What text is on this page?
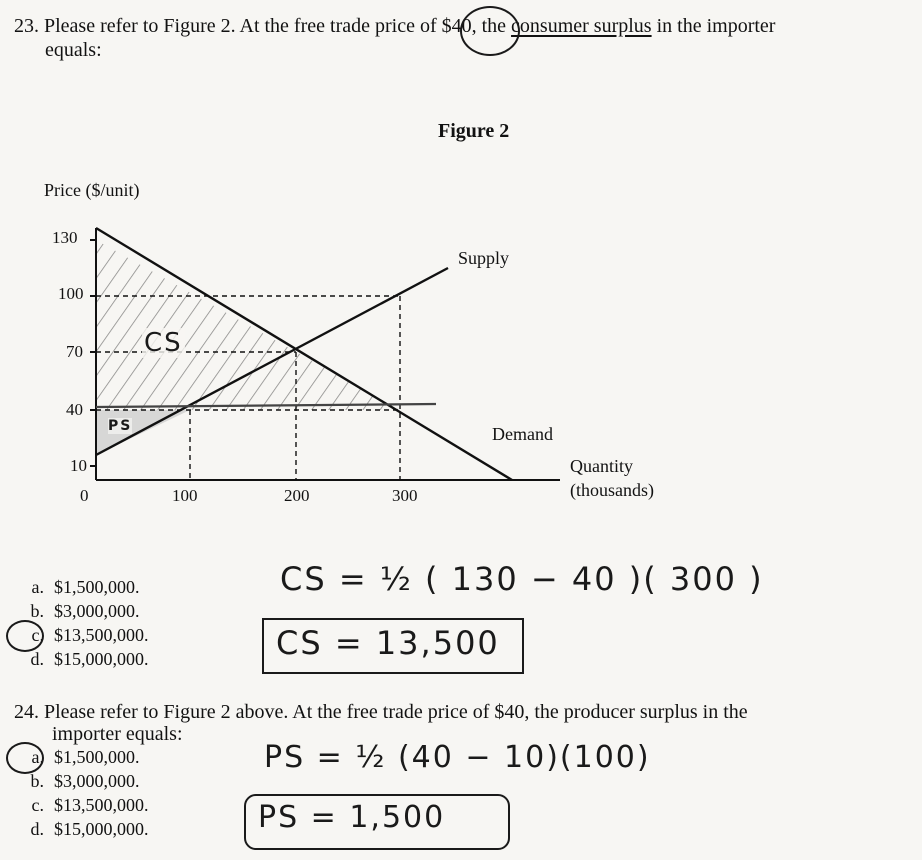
23. Please refer to Figure 2. At the free trade price of $40, the consumer surplus in the importer
equals:
Figure 2
Price ($/unit)
130
100
70
40
10
0	100	200	300
Supply
Demand
Quantity
(thousands)
CS
PS
a. $1,500,000.
b. $3,000,000.
c. $13,500,000.
d. $15,000,000.
CS = ½ ( 130 − 40 )( 300 )
CS = 13,500
24. Please refer to Figure 2 above. At the free trade price of $40, the producer surplus in the
importer equals:
a. $1,500,000.
b. $3,000,000.
c. $13,500,000.
d. $15,000,000.
PS = ½ (40 − 10)(100)
PS = 1,500
